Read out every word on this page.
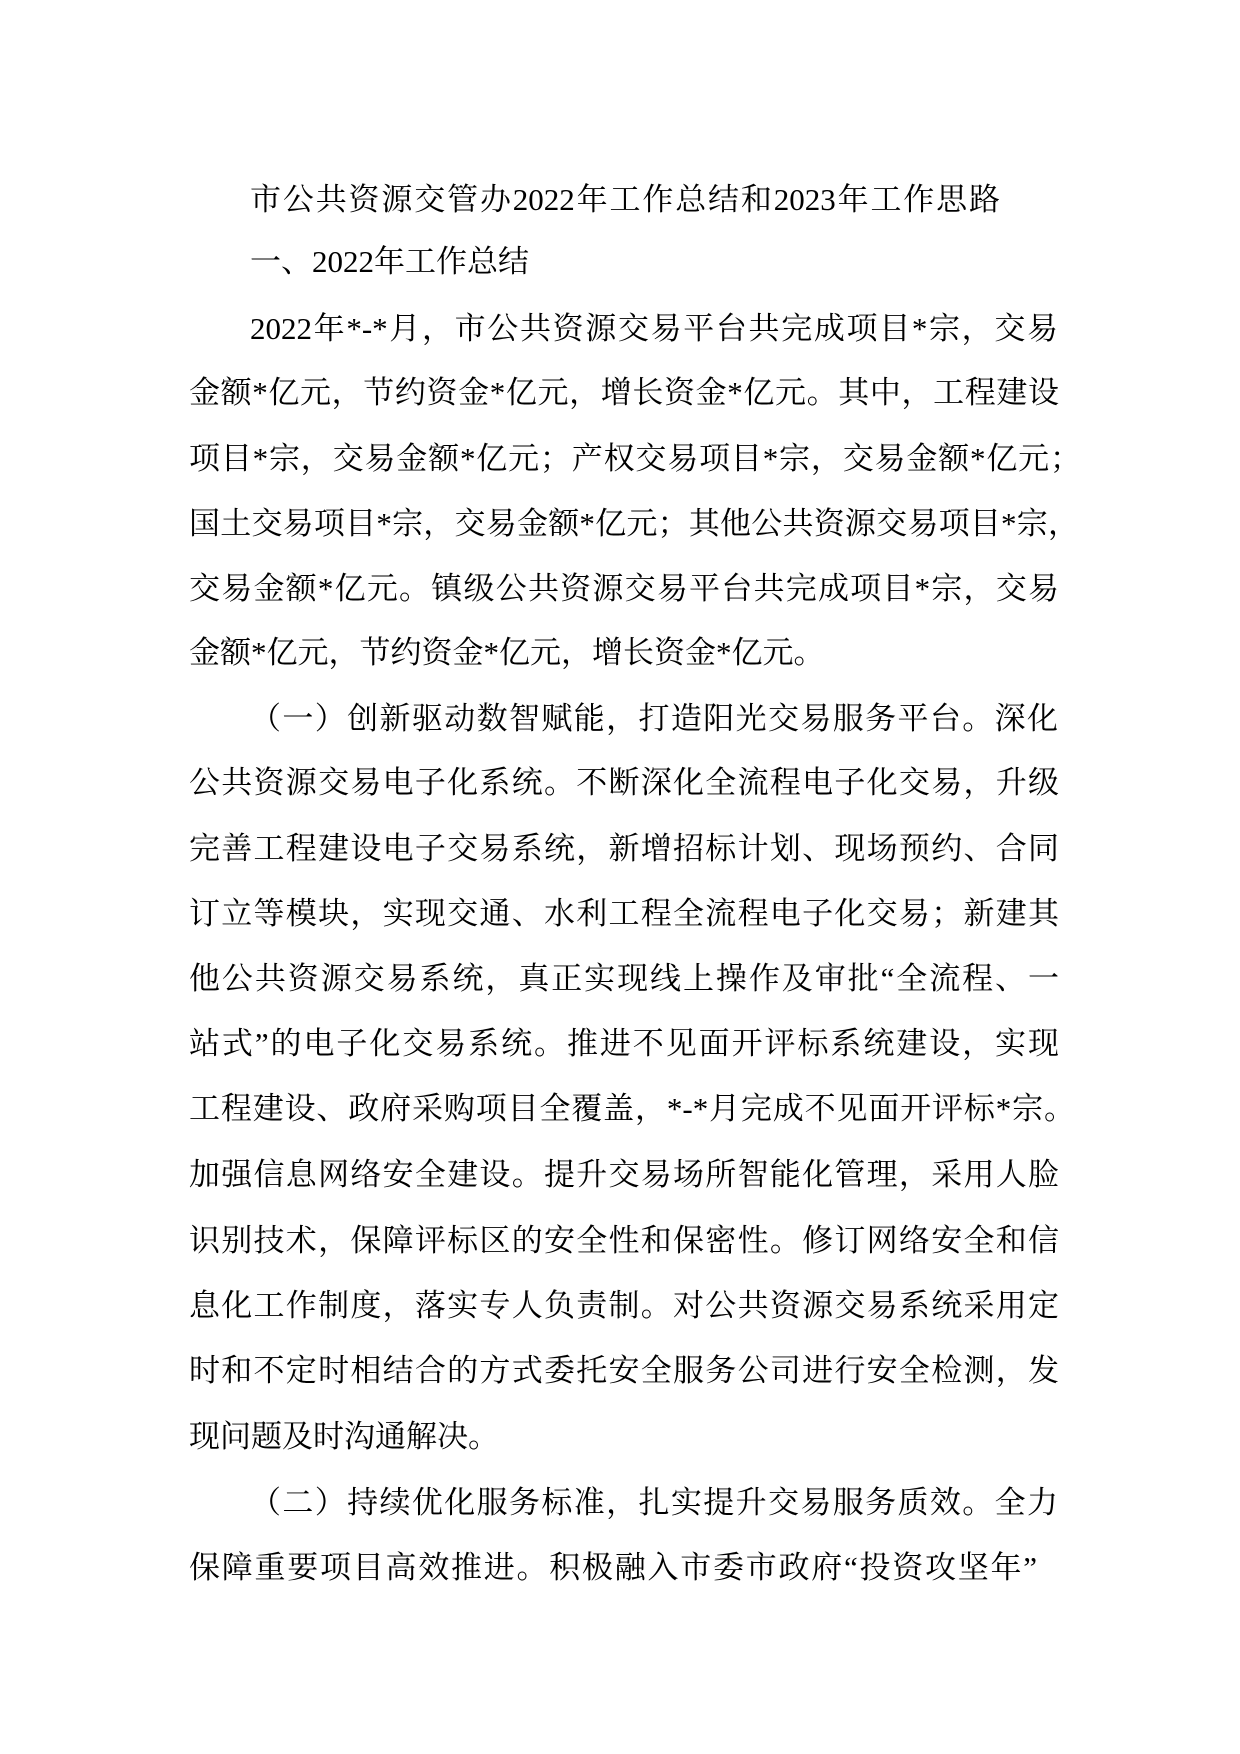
市公共资源交管办2022年工作总结和2023年工作思路
一、2022年工作总结
2022年*-*月，市公共资源交易平台共完成项目*宗，交易
金额*亿元，节约资金*亿元，增长资金*亿元。其中，工程建设
项目*宗，交易金额*亿元；产权交易项目*宗，交易金额*亿元；
国土交易项目*宗，交易金额*亿元；其他公共资源交易项目*宗，
交易金额*亿元。镇级公共资源交易平台共完成项目*宗，交易
金额*亿元，节约资金*亿元，增长资金*亿元。
（一）创新驱动数智赋能，打造阳光交易服务平台。深化
公共资源交易电子化系统。不断深化全流程电子化交易，升级
完善工程建设电子交易系统，新增招标计划、现场预约、合同
订立等模块，实现交通、水利工程全流程电子化交易；新建其
他公共资源交易系统，真正实现线上操作及审批“全流程、一
站式”的电子化交易系统。推进不见面开评标系统建设，实现
工程建设、政府采购项目全覆盖，*-*月完成不见面开评标*宗。
加强信息网络安全建设。提升交易场所智能化管理，采用人脸
识别技术，保障评标区的安全性和保密性。修订网络安全和信
息化工作制度，落实专人负责制。对公共资源交易系统采用定
时和不定时相结合的方式委托安全服务公司进行安全检测，发
现问题及时沟通解决。
（二）持续优化服务标准，扎实提升交易服务质效。全力
保障重要项目高效推进。积极融入市委市政府“投资攻坚年”
